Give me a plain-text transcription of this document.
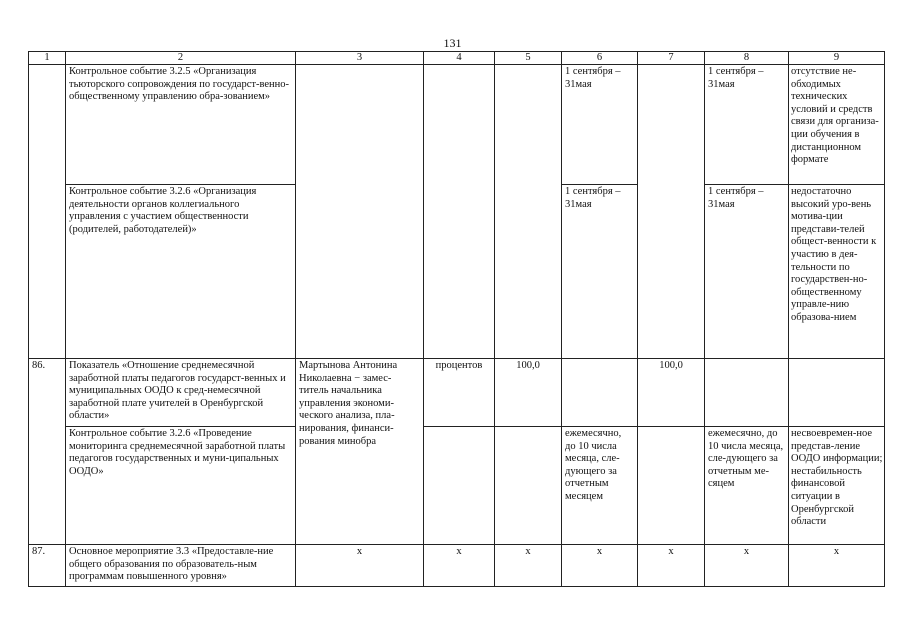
131
1	2	3	4	5	6	7	8	9
	Контрольное событие 3.2.5 «Организация тьюторского сопровождения по государст-венно-общественному управлению обра-зованием»				1 сентября – 31мая		1 сентября – 31мая	отсутствие не-обходимых технических условий и средств связи для организа-ции обучения в дистанционном формате
	Контрольное событие 3.2.6 «Организация деятельности органов коллегиального управления с участием общественности (родителей, работодателей)»				1 сентября – 31мая		1 сентября – 31мая	недостаточно высокий уро-вень мотива-ции представи-телей общест-венности к участию в дея-тельности по государствен-но-общественному управле-нию образова-нием
86.	Показатель «Отношение среднемесячной заработной платы педагогов государст-венных и муниципальных ООДО к сред-немесячной заработной плате учителей в Оренбургской области»	Мартынова Антонина Николаевна − замес-титель начальника управления экономи-ческого анализа, пла-нирования, финанси-рования минобра	процентов	100,0		100,0		
	Контрольное событие 3.2.6 «Проведение мониторинга среднемесячной заработной платы педагогов государственных и муни-ципальных ООДО»				ежемесячно, до 10 числа месяца, сле-дующего за отчетным месяцем		ежемесячно, до 10 числа месяца, сле-дующего за отчетным ме-сяцем	несвоевремен-ное представ-ление ООДО информации; нестабильность финансовой ситуации в Оренбургской области
87.	Основное мероприятие 3.3 «Предоставле-ние общего образования по образователь-ным программам повышенного уровня»	х	х	х	х	х	х	х
